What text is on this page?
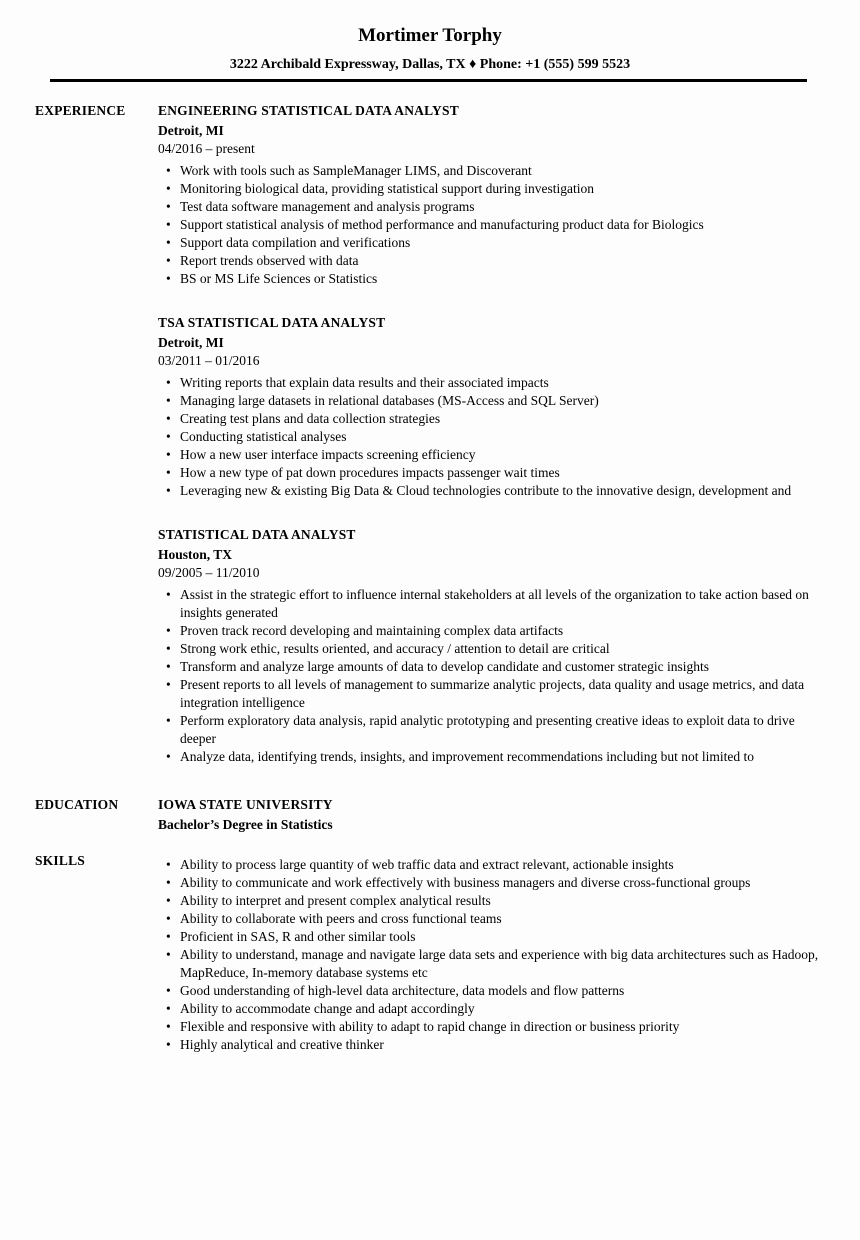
Mortimer Torphy

3222 Archibald Expressway, Dallas, TX ♦ Phone: +1 (555) 599 5523

EXPERIENCE	ENGINEERING STATISTICAL DATA ANALYST
Detroit, MI
04/2016 – present
• Work with tools such as SampleManager LIMS, and Discoverant
• Monitoring biological data, providing statistical support during investigation
• Test data software management and analysis programs
• Support statistical analysis of method performance and manufacturing product data for Biologics
• Support data compilation and verifications
• Report trends observed with data
• BS or MS Life Sciences or Statistics
TSA STATISTICAL DATA ANALYST
Detroit, MI
03/2011 – 01/2016
• Writing reports that explain data results and their associated impacts
• Managing large datasets in relational databases (MS-Access and SQL Server)
• Creating test plans and data collection strategies
• Conducting statistical analyses
• How a new user interface impacts screening efficiency
• How a new type of pat down procedures impacts passenger wait times
• Leveraging new & existing Big Data & Cloud technologies contribute to the innovative design, development and
STATISTICAL DATA ANALYST
Houston, TX
09/2005 – 11/2010
• Assist in the strategic effort to influence internal stakeholders at all levels of the organization to take action based on insights generated
• Proven track record developing and maintaining complex data artifacts
• Strong work ethic, results oriented, and accuracy / attention to detail are critical
• Transform and analyze large amounts of data to develop candidate and customer strategic insights
• Present reports to all levels of management to summarize analytic projects, data quality and usage metrics, and data integration intelligence
• Perform exploratory data analysis, rapid analytic prototyping and presenting creative ideas to exploit data to drive deeper
• Analyze data, identifying trends, insights, and improvement recommendations including but not limited to
EDUCATION	IOWA STATE UNIVERSITY
Bachelor’s Degree in Statistics
SKILLS	• Ability to process large quantity of web traffic data and extract relevant, actionable insights
• Ability to communicate and work effectively with business managers and diverse cross-functional groups
• Ability to interpret and present complex analytical results
• Ability to collaborate with peers and cross functional teams
• Proficient in SAS, R and other similar tools
• Ability to understand, manage and navigate large data sets and experience with big data architectures such as Hadoop, MapReduce, In-memory database systems etc
• Good understanding of high-level data architecture, data models and flow patterns
• Ability to accommodate change and adapt accordingly
• Flexible and responsive with ability to adapt to rapid change in direction or business priority
• Highly analytical and creative thinker
